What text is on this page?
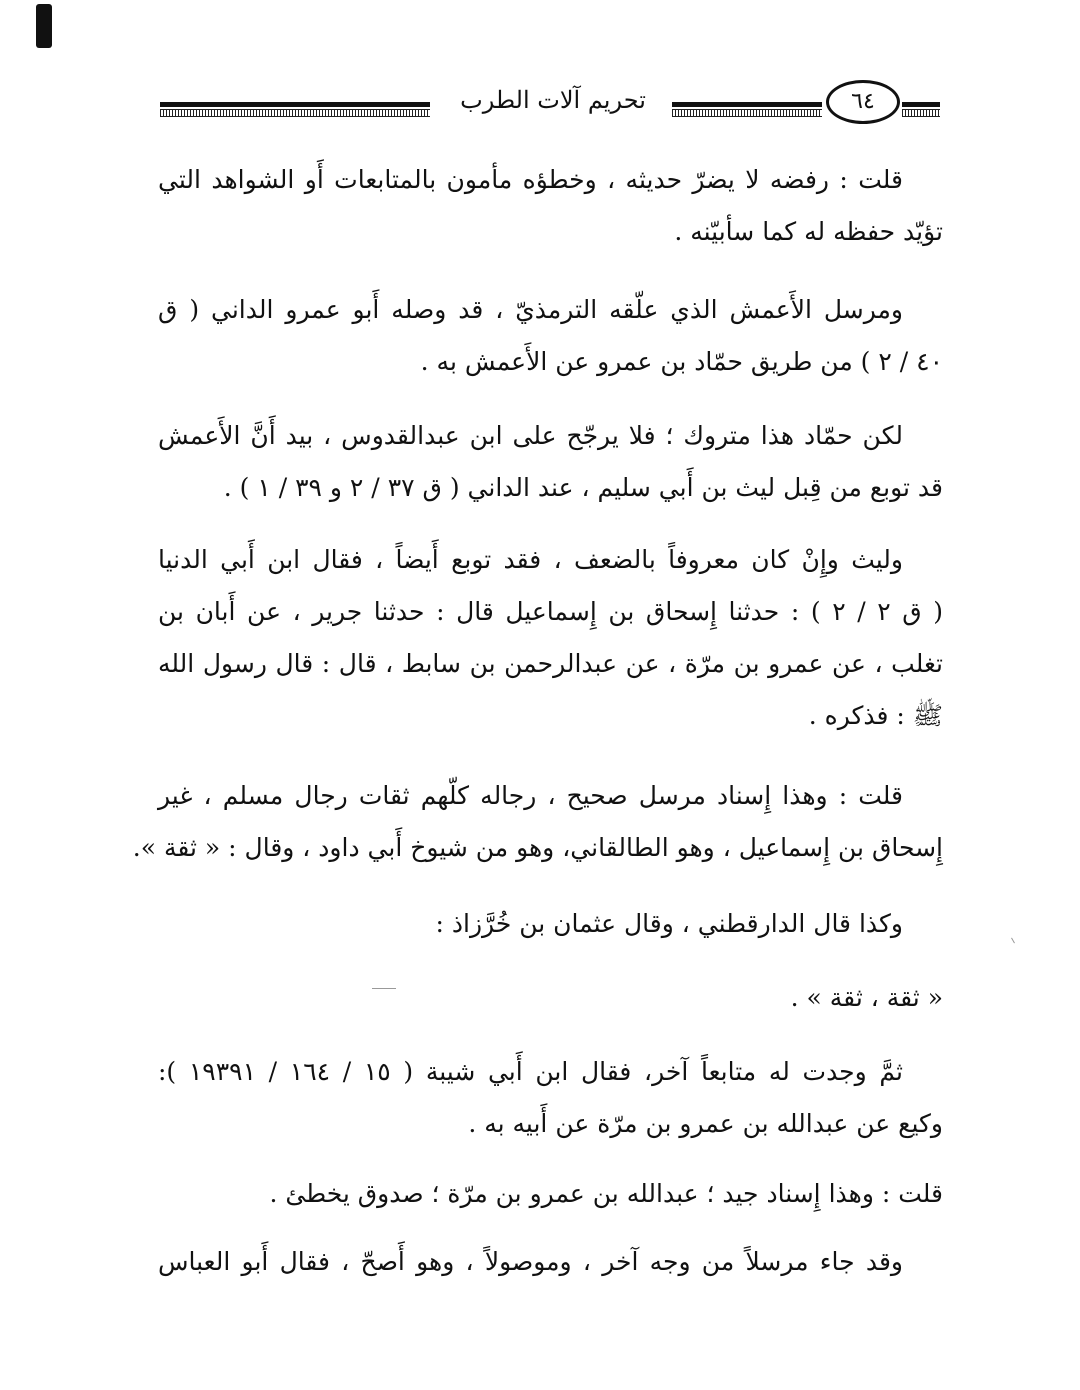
تحريم آلات الطرب	٦٤
قلت : رفضه لا يضرّ حديثه ، وخطؤه مأمون بالمتابعات أَو الشواهد التي
تؤيّد حفظه له كما سأبيّنه .
ومرسل الأَعمش الذي علّقه الترمذيّ ، قد وصله أَبو عمرو الداني ( ق
٤٠ / ٢ ) من طريق حمّاد بن عمرو عن الأَعمش به .
لكن حمّاد هذا متروك ؛ فلا يرجّح على ابن عبدالقدوس ، بيد أَنَّ الأَعمش
قد توبع من قِبل ليث بن أَبي سليم ، عند الداني ( ق ٣٧ / ٢ و ٣٩ / ١ ) .
وليث وإِنْ كان معروفاً بالضعف ، فقد توبع أَيضاً ، فقال ابن أَبي الدنيا
( ق ٢ / ٢ ) : حدثنا إِسحاق بن إِسماعيل قال : حدثنا جرير ، عن أَبان بن
تغلب ، عن عمرو بن مرّة ، عن عبدالرحمن بن سابط ، قال : قال رسول الله
ﷺ : فذكره .
قلت : وهذا إِسناد مرسل صحيح ، رجاله كلّهم ثقات رجال مسلم ، غير
إِسحاق بن إِسماعيل ، وهو الطالقاني، وهو من شيوخ أَبي داود ، وقال : « ثقة ».
وكذا قال الدارقطني ، وقال عثمان بن خُرَّزاذ :
« ثقة ، ثقة » .
ثمَّ وجدت له متابعاً آخر، فقال ابن أَبي شيبة ( ١٥ / ١٦٤ / ١٩٣٩١ ):
وكيع عن عبدالله بن عمرو بن مرّة عن أَبيه به .
قلت : وهذا إِسناد جيد ؛ عبدالله بن عمرو بن مرّة ؛ صدوق يخطئ .
وقد جاء مرسلاً من وجه آخر ، وموصولاً ، وهو أَصحّ ، فقال أَبو العباس
